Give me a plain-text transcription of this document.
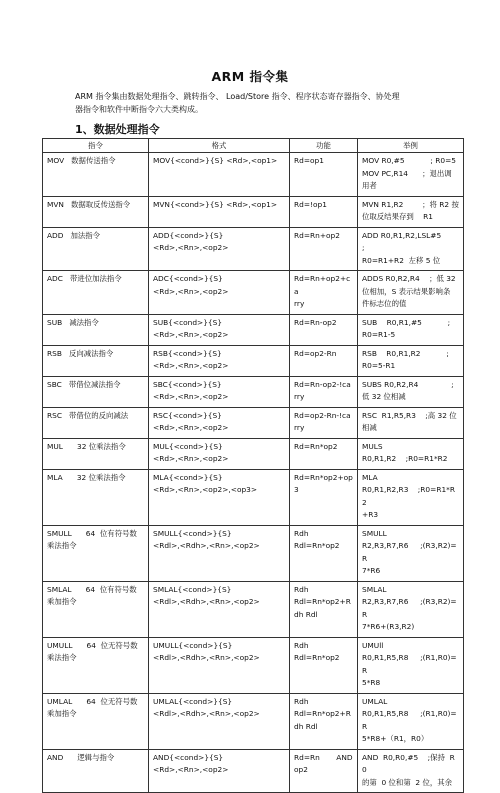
ARM 指令集

ARM 指令集由数据处理指令、跳转指令、 Load/Store 指令、程序状态寄存器指令、协处理

器指令和软件中断指令六大类构成。

1、数据处理指令
指令	格式	功能	举例

MOV   数据传送指令	MOV{<cond>}{S} <Rd>,<op1>	Rd=op1	MOV R0,#5           ; R0=5
MOV PC,R14      ；退出调
用者

MVN   数据取反传送指令	MVN{<cond>}{S} <Rd>,<op1>	Rd=!op1	MVN R1,R2        ；将 R2 按
位取反结果存到    R1

ADD   加法指令	ADD{<cond>}{S}
<Rd>,<Rn>,<op2>	Rd=Rn+op2	ADD R0,R1,R2,LSL#5        ;
R0=R1+R2  左移 5 位

ADC   带进位加法指令	ADC{<cond>}{S}
<Rd>,<Rn>,<op2>	Rd=Rn+op2+ca
rry	ADDS R0,R2,R4    ；低 32
位相加，S 表示结果影响条
件标志位的值

SUB   减法指令	SUB{<cond>}{S}
<Rd>,<Rn>,<op2>	Rd=Rn-op2	SUB    R0,R1,#5           ;
R0=R1-5

RSB   反向减法指令	RSB{<cond>}{S}
<Rd>,<Rn>,<op2>	Rd=op2-Rn	RSB    R0,R1,R2           ;
R0=5-R1

SBC   带借位减法指令	SBC{<cond>}{S}
<Rd>,<Rn>,<op2>	Rd=Rn-op2-!ca
rry	SUBS R0,R2,R4              ;
低 32 位相减

RSC   带借位的反向减法	RSC{<cond>}{S}
<Rd>,<Rn>,<op2>	Rd=op2-Rn-!ca
rry	RSC  R1,R5,R3    ;高 32 位
相减

MUL      32 位乘法指令	MUL{<cond>}{S}
<Rd>,<Rn>,<op2>	Rd=Rn*op2	MULS
R0,R1,R2    ;R0=R1*R2

MLA      32 位乘法指令	MLA{<cond>}{S}
<Rd>,<Rn>,<op2>,<op3>	Rd=Rn*op2+op
3	MLA
R0,R1,R2,R3    ;R0=R1*R2
+R3

SMULL      64  位有符号数
乘法指令	SMULL{<cond>}{S}
<Rdl>,<Rdh>,<Rn>,<op2>	Rdh
Rdl=Rn*op2	SMULL
R2,R3,R7,R6     ;(R3,R2)=R
7*R6

SMLAL      64  位有符号数
乘加指令	SMLAL{<cond>}{S}
<Rdl>,<Rdh>,<Rn>,<op2>	Rdh
Rdl=Rn*op2+R
dh Rdl	SMLAL
R2,R3,R7,R6     ;(R3,R2)=R
7*R6+(R3,R2)

UMULL      64  位无符号数
乘法指令	UMULL{<cond>}{S}
<Rdl>,<Rdh>,<Rn>,<op2>	Rdh
Rdl=Rn*op2	UMUll
R0,R1,R5,R8     ;(R1,R0)=R
5*R8

UMLAL      64  位无符号数
乘加指令	UMLAL{<cond>}{S}
<Rdl>,<Rdh>,<Rn>,<op2>	Rdh
Rdl=Rn*op2+R
dh Rdl	UMLAL
R0,R1,R5,R8     ;(R1,R0)=R
5*R8+（R1，R0）

AND      逻辑与指令	AND{<cond>}{S}
<Rd>,<Rn>,<op2>	Rd=Rn       AND
op2	AND  R0,R0,#5    ;保持  R0
的第  0 位和第  2 位，其余
